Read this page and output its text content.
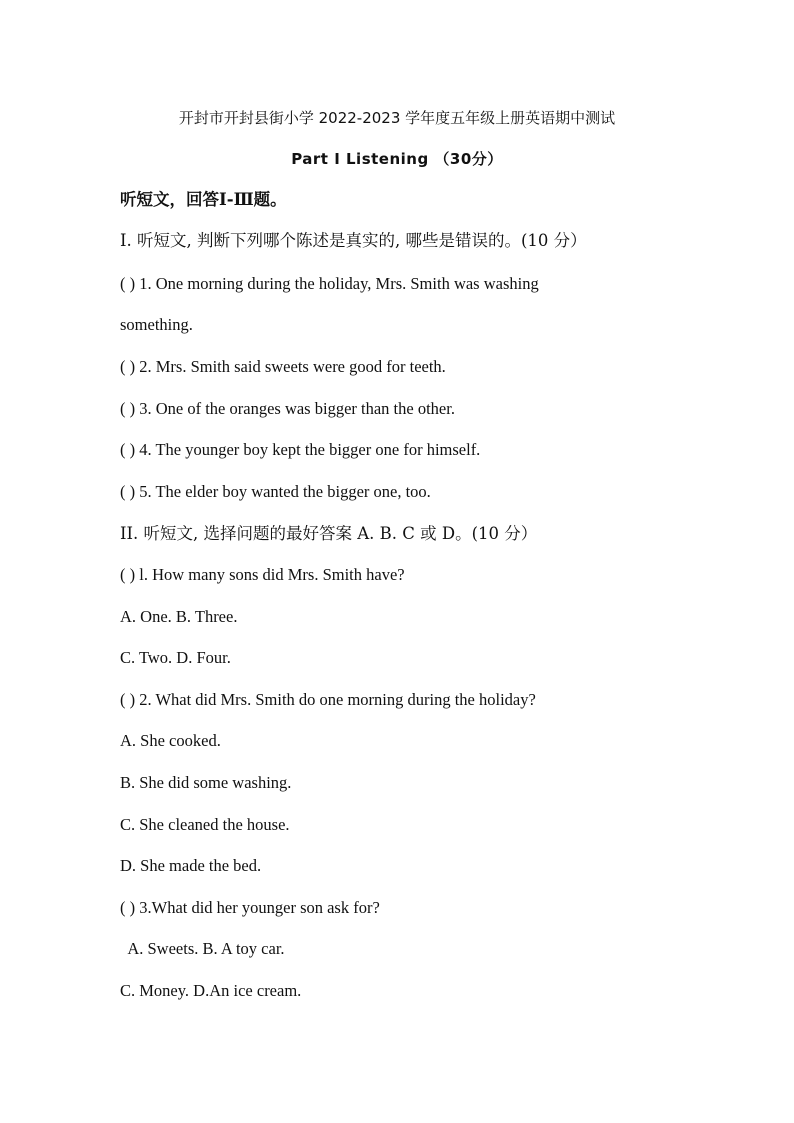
开封市开封县街小学 2022-2023 学年度五年级上册英语期中测试
Part Ⅰ Listening （30分）
听短文，回答Ⅰ-Ⅲ题。
I. 听短文, 判断下列哪个陈述是真实的, 哪些是错误的。(10 分）
( ) 1. One morning during the holiday, Mrs. Smith was washing
something.
( ) 2. Mrs. Smith said sweets were good for teeth.
( ) 3. One of the oranges was bigger than the other.
( ) 4. The younger boy kept the bigger one for himself.
( ) 5. The elder boy wanted the bigger one, too.
II. 听短文, 选择问题的最好答案 A. B. C 或 D。(10 分）
( ) l. How many sons did Mrs. Smith have?
A. One. B. Three.
C. Two. D. Four.
( ) 2. What did Mrs. Smith do one morning during the holiday?
A. She cooked.
B. She did some washing.
C. She cleaned the house.
D. She made the bed.
( ) 3.What did her younger son ask for?
A. Sweets. B. A toy car.
C. Money. D.An ice cream.
